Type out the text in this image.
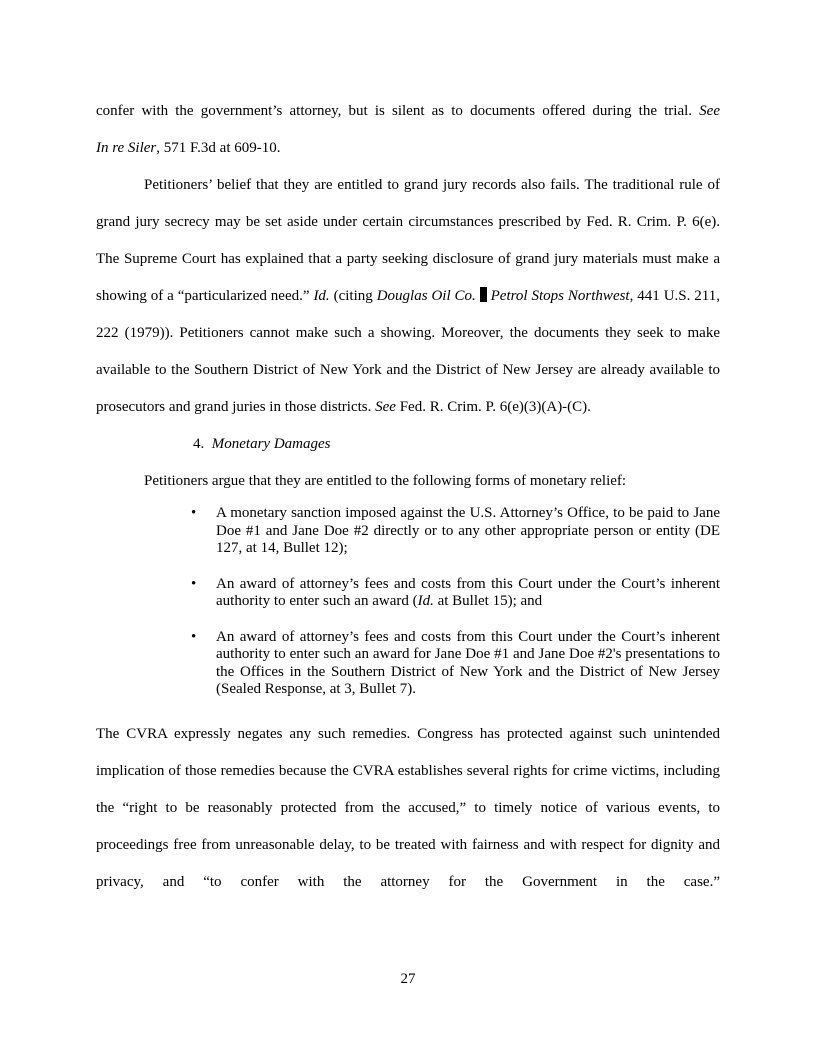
confer with the government’s attorney, but is silent as to documents offered during the trial. See

In re Siler, 571 F.3d at 609-10.

Petitioners’ belief that they are entitled to grand jury records also fails. The traditional rule of grand jury secrecy may be set aside under certain circumstances prescribed by Fed. R. Crim. P. 6(e). The Supreme Court has explained that a party seeking disclosure of grand jury materials must make a showing of a “particularized need.” Id. (citing Douglas Oil Co. Petrol Stops Northwest, 441 U.S. 211, 222 (1979)). Petitioners cannot make such a showing. Moreover, the documents they seek to make available to the Southern District of New York and the District of New Jersey are already available to prosecutors and grand juries in those districts. See Fed. R. Crim. P. 6(e)(3)(A)-(C).

4. Monetary Damages

Petitioners argue that they are entitled to the following forms of monetary relief:

• A monetary sanction imposed against the U.S. Attorney’s Office, to be paid to Jane Doe #1 and Jane Doe #2 directly or to any other appropriate person or entity (DE 127, at 14, Bullet 12);
• An award of attorney’s fees and costs from this Court under the Court’s inherent authority to enter such an award (Id. at Bullet 15); and
• An award of attorney’s fees and costs from this Court under the Court’s inherent authority to enter such an award for Jane Doe #1 and Jane Doe #2's presentations to the Offices in the Southern District of New York and the District of New Jersey (Sealed Response, at 3, Bullet 7).

The CVRA expressly negates any such remedies. Congress has protected against such unintended implication of those remedies because the CVRA establishes several rights for crime victims, including the “right to be reasonably protected from the accused,” to timely notice of various events, to proceedings free from unreasonable delay, to be treated with fairness and with respect for dignity and privacy, and “to confer with the attorney for the Government in the case.”

27
